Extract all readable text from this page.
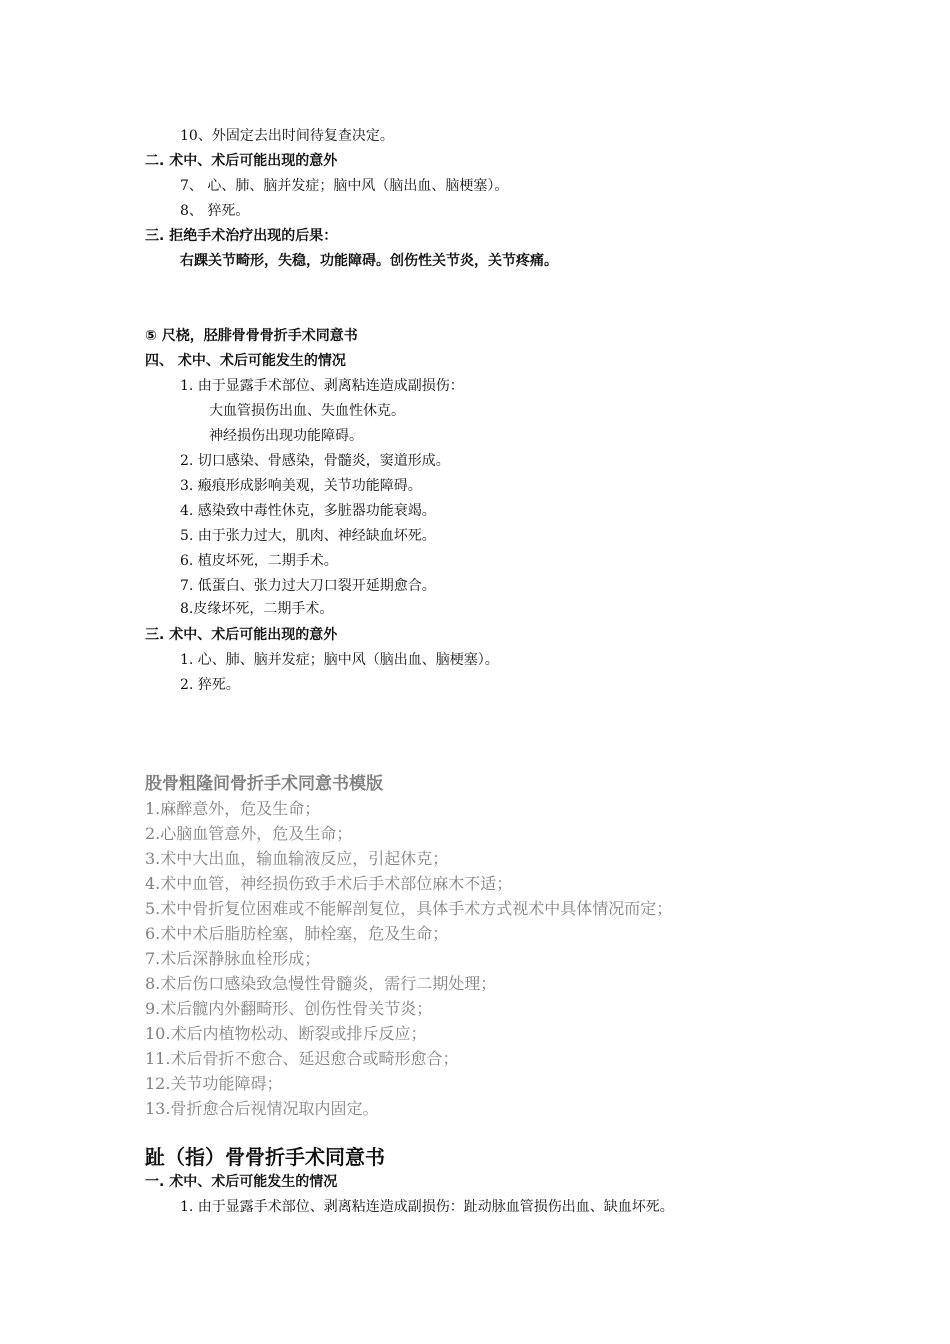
10、外固定去出时间待复查决定。
二. 术中、术后可能出现的意外
7、 心、肺、脑并发症；脑中风（脑出血、脑梗塞）。
8、 猝死。
三. 拒绝手术治疗出现的后果：
右踝关节畸形，失稳，功能障碍。创伤性关节炎，关节疼痛。
⑤ 尺桡，胫腓骨骨骨折手术同意书
四、 术中、术后可能发生的情况
1. 由于显露手术部位、剥离粘连造成副损伤：
大血管损伤出血、失血性休克。
神经损伤出现功能障碍。
2. 切口感染、骨感染，骨髓炎，窦道形成。
3. 瘢痕形成影响美观，关节功能障碍。
4. 感染致中毒性休克，多脏器功能衰竭。
5. 由于张力过大，肌肉、神经缺血坏死。
6. 植皮坏死，二期手术。
7. 低蛋白、张力过大刀口裂开延期愈合。
8.皮缘坏死，二期手术。
三. 术中、术后可能出现的意外
1. 心、肺、脑并发症；脑中风（脑出血、脑梗塞）。
2. 猝死。
股骨粗隆间骨折手术同意书模版
1.麻醉意外，危及生命；
2.心脑血管意外，危及生命；
3.术中大出血，输血输液反应，引起休克；
4.术中血管，神经损伤致手术后手术部位麻木不适；
5.术中骨折复位困难或不能解剖复位，具体手术方式视术中具体情况而定；
6.术中术后脂肪栓塞，肺栓塞，危及生命；
7.术后深静脉血栓形成；
8.术后伤口感染致急慢性骨髓炎，需行二期处理；
9.术后髋内外翻畸形、创伤性骨关节炎；
10.术后内植物松动、断裂或排斥反应；
11.术后骨折不愈合、延迟愈合或畸形愈合；
12.关节功能障碍；
13.骨折愈合后视情况取内固定。
趾（指）骨骨折手术同意书
一. 术中、术后可能发生的情况
1. 由于显露手术部位、剥离粘连造成副损伤：趾动脉血管损伤出血、缺血坏死。
